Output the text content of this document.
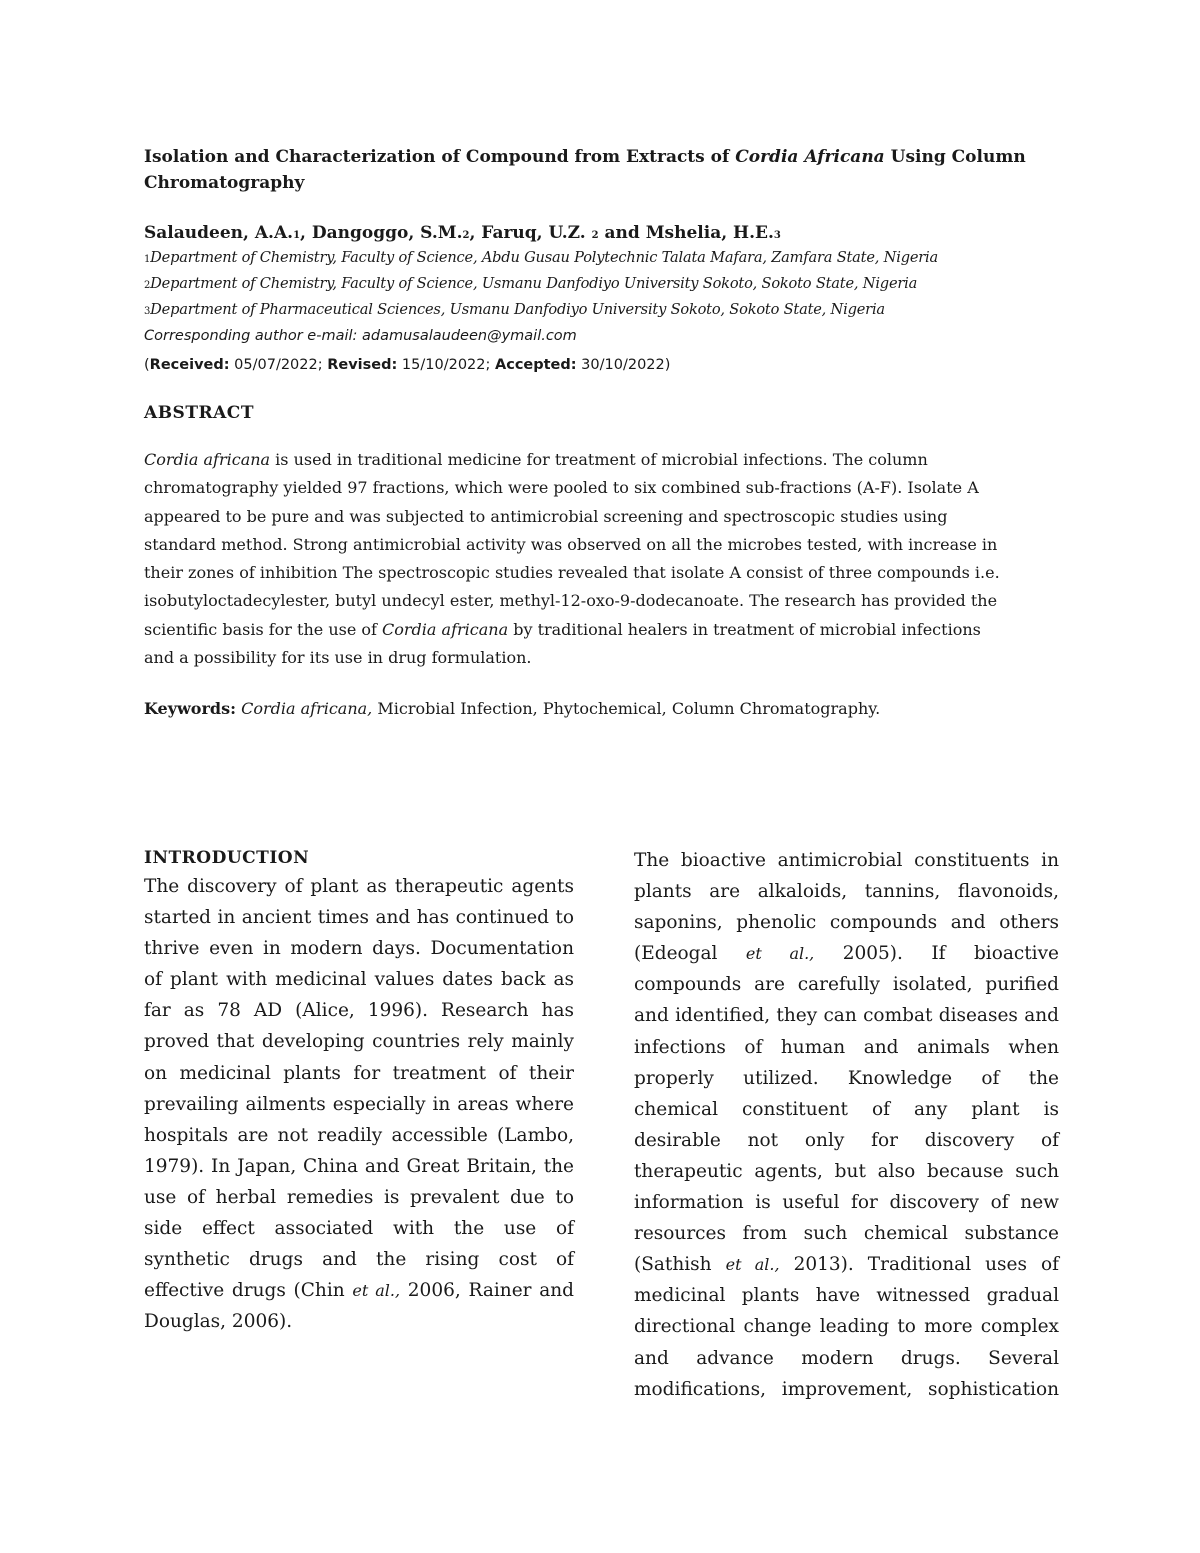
Isolation and Characterization of Compound from Extracts of Cordia Africana Using Column
Chromatography
Salaudeen, A.A.1, Dangoggo, S.M.2, Faruq, U.Z. 2 and Mshelia, H.E.3
1Department of Chemistry, Faculty of Science, Abdu Gusau Polytechnic Talata Mafara, Zamfara State, Nigeria
2Department of Chemistry, Faculty of Science, Usmanu Danfodiyo University Sokoto, Sokoto State, Nigeria
3Department of Pharmaceutical Sciences, Usmanu Danfodiyo University Sokoto, Sokoto State, Nigeria
Corresponding author e-mail: adamusalaudeen@ymail.com
(Received: 05/07/2022; Revised: 15/10/2022; Accepted: 30/10/2022)
ABSTRACT
Cordia africana is used in traditional medicine for treatment of microbial infections. The column
chromatography yielded 97 fractions, which were pooled to six combined sub-fractions (A-F). Isolate A
appeared to be pure and was subjected to antimicrobial screening and spectroscopic studies using
standard method. Strong antimicrobial activity was observed on all the microbes tested, with increase in
their zones of inhibition The spectroscopic studies revealed that isolate A consist of three compounds i.e.
isobutyloctadecylester, butyl undecyl ester, methyl-12-oxo-9-dodecanoate. The research has provided the
scientific basis for the use of Cordia africana by traditional healers in treatment of microbial infections
and a possibility for its use in drug formulation.
Keywords: Cordia africana, Microbial Infection, Phytochemical, Column Chromatography.
INTRODUCTION
The discovery of plant as therapeutic agents
started in ancient times and has continued to
thrive even in modern days. Documentation
of plant with medicinal values dates back as
far as 78 AD (Alice, 1996). Research has
proved that developing countries rely mainly
on medicinal plants for treatment of their
prevailing ailments especially in areas where
hospitals are not readily accessible (Lambo,
1979). In Japan, China and Great Britain, the
use of herbal remedies is prevalent due to
side effect associated with the use of
synthetic drugs and the rising cost of
effective drugs (Chin et al., 2006, Rainer and
Douglas, 2006).
The bioactive antimicrobial constituents in
plants are alkaloids, tannins, flavonoids,
saponins, phenolic compounds and others
(Edeogal et al., 2005). If bioactive
compounds are carefully isolated, purified
and identified, they can combat diseases and
infections of human and animals when
properly utilized. Knowledge of the
chemical constituent of any plant is
desirable not only for discovery of
therapeutic agents, but also because such
information is useful for discovery of new
resources from such chemical substance
(Sathish et al., 2013). Traditional uses of
medicinal plants have witnessed gradual
directional change leading to more complex
and advance modern drugs. Several
modifications, improvement, sophistication
